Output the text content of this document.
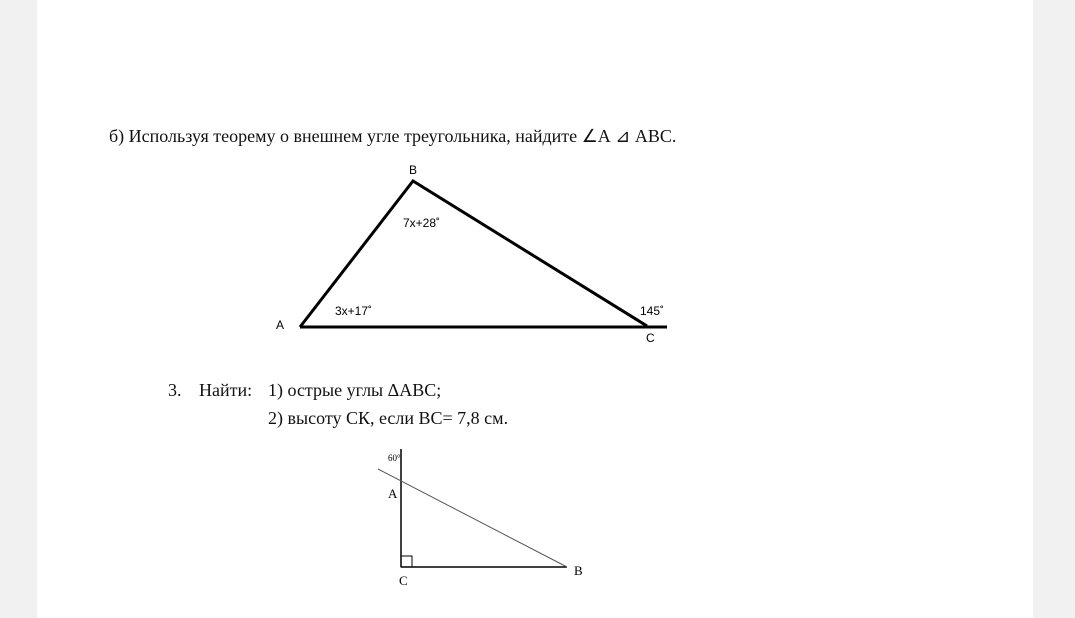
б) Используя теорему о внешнем угле треугольника, найдите ∠А ⊿ АВС.
B
A
C
7x+28˚
3x+17˚	145˚
60°
A
C
B
3. Найти: 1) острые углы ΔАВС;
2) высоту СК, если ВС= 7,8 см.
